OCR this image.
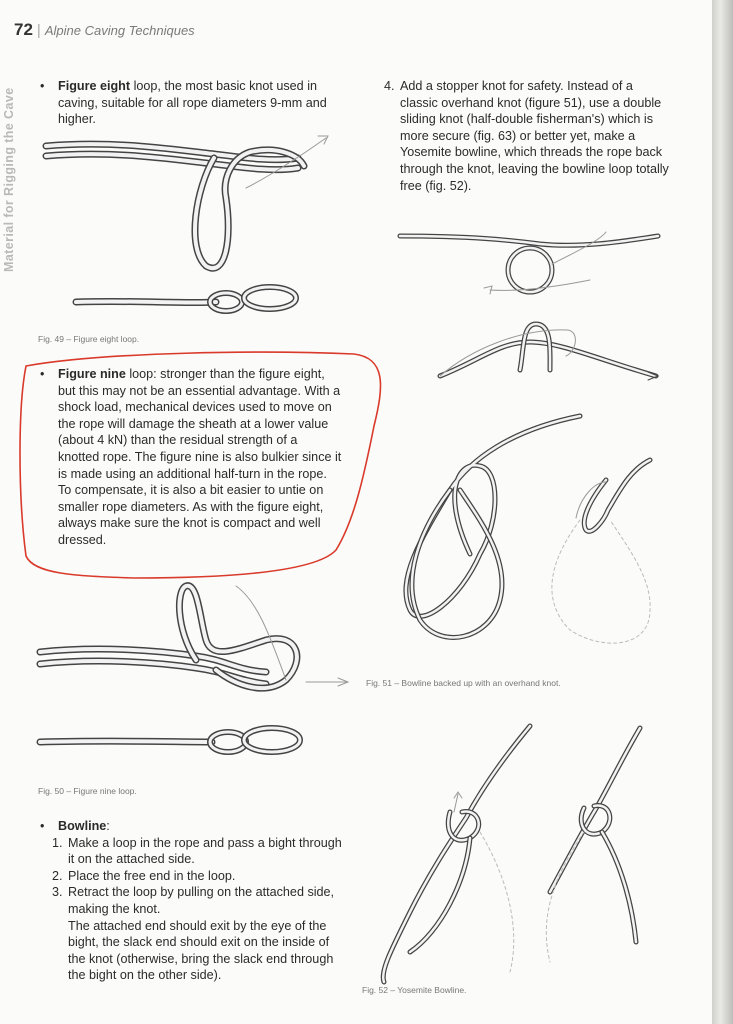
72 | Alpine Caving Techniques
Material for Rigging the Cave
• Figure eight loop, the most basic knot used in caving, suitable for all rope diameters 9-mm and higher.
Fig. 49 – Figure eight loop.
• Figure nine loop: stronger than the figure eight, but this may not be an essential advantage. With a shock load, mechanical devices used to move on the rope will damage the sheath at a lower value (about 4 kN) than the residual strength of a knotted rope. The figure nine is also bulkier since it is made using an additional half-turn in the rope. To compensate, it is also a bit easier to untie on smaller rope diameters. As with the figure eight, always make sure the knot is compact and well dressed.
Fig. 50 – Figure nine loop.
• Bowline:
1. Make a loop in the rope and pass a bight through it on the attached side.
2. Place the free end in the loop.
3. Retract the loop by pulling on the attached side, making the knot.
The attached end should exit by the eye of the bight, the slack end should exit on the inside of the knot (otherwise, bring the slack end through the bight on the other side).
4. Add a stopper knot for safety. Instead of a classic overhand knot (figure 51), use a double sliding knot (half-double fisherman's) which is more secure (fig. 63) or better yet, make a Yosemite bowline, which threads the rope back through the knot, leaving the bowline loop totally free (fig. 52).
Fig. 51 – Bowline backed up with an overhand knot.
Fig. 52 – Yosemite Bowline.
